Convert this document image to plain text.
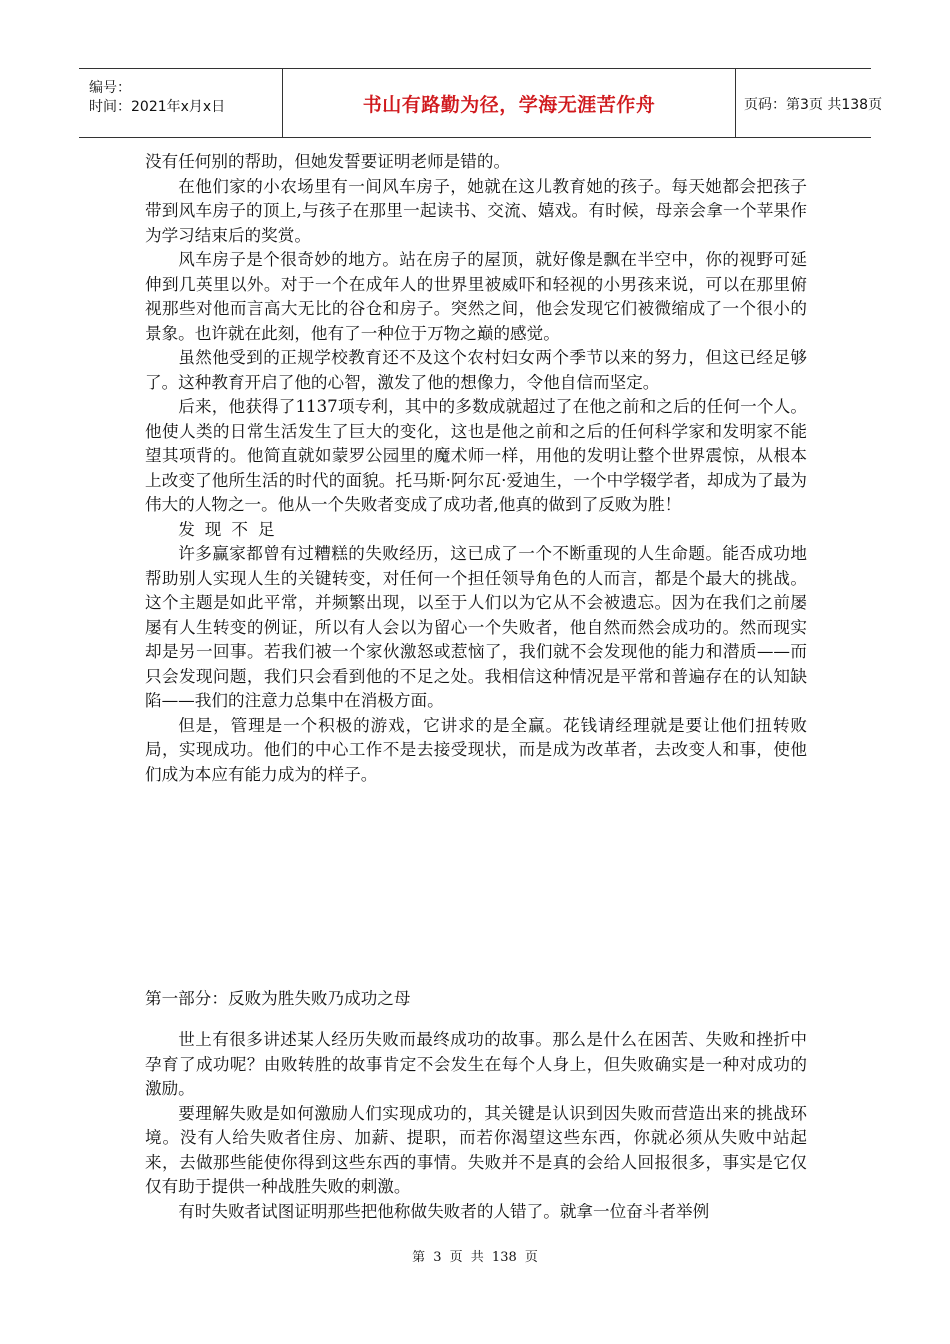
编号：
时间：2021年x月x日	书山有路勤为径，学海无涯苦作舟	页码：第3页 共138页

没有任何别的帮助，但她发誓要证明老师是错的。

在他们家的小农场里有一间风车房子，她就在这儿教育她的孩子。每天她都会把孩子带到风车房子的顶上,与孩子在那里一起读书、交流、嬉戏。有时候，母亲会拿一个苹果作为学习结束后的奖赏。

风车房子是个很奇妙的地方。站在房子的屋顶，就好像是飘在半空中，你的视野可延伸到几英里以外。对于一个在成年人的世界里被威吓和轻视的小男孩来说，可以在那里俯视那些对他而言高大无比的谷仓和房子。突然之间，他会发现它们被微缩成了一个很小的景象。也许就在此刻，他有了一种位于万物之巅的感觉。

虽然他受到的正规学校教育还不及这个农村妇女两个季节以来的努力，但这已经足够了。这种教育开启了他的心智，激发了他的想像力，令他自信而坚定。

后来，他获得了1137项专利，其中的多数成就超过了在他之前和之后的任何一个人。他使人类的日常生活发生了巨大的变化，这也是他之前和之后的任何科学家和发明家不能望其项背的。他简直就如蒙罗公园里的魔术师一样，用他的发明让整个世界震惊，从根本上改变了他所生活的时代的面貌。托马斯·阿尔瓦·爱迪生，一个中学辍学者，却成为了最为伟大的人物之一。他从一个失败者变成了成功者,他真的做到了反败为胜！

发现不足

许多赢家都曾有过糟糕的失败经历，这已成了一个不断重现的人生命题。能否成功地帮助别人实现人生的关键转变，对任何一个担任领导角色的人而言，都是个最大的挑战。这个主题是如此平常，并频繁出现，以至于人们以为它从不会被遗忘。因为在我们之前屡屡有人生转变的例证，所以有人会以为留心一个失败者，他自然而然会成功的。然而现实却是另一回事。若我们被一个家伙激怒或惹恼了，我们就不会发现他的能力和潜质——而只会发现问题，我们只会看到他的不足之处。我相信这种情况是平常和普遍存在的认知缺陷——我们的注意力总集中在消极方面。

但是，管理是一个积极的游戏，它讲求的是全赢。花钱请经理就是要让他们扭转败局，实现成功。他们的中心工作不是去接受现状，而是成为改革者，去改变人和事，使他们成为本应有能力成为的样子。

第一部分：反败为胜失败乃成功之母

世上有很多讲述某人经历失败而最终成功的故事。那么是什么在困苦、失败和挫折中孕育了成功呢？由败转胜的故事肯定不会发生在每个人身上，但失败确实是一种对成功的激励。

要理解失败是如何激励人们实现成功的，其关键是认识到因失败而营造出来的挑战环境。没有人给失败者住房、加薪、提职，而若你渴望这些东西，你就必须从失败中站起来，去做那些能使你得到这些东西的事情。失败并不是真的会给人回报很多，事实是它仅仅有助于提供一种战胜失败的刺激。

有时失败者试图证明那些把他称做失败者的人错了。就拿一位奋斗者举例

第 3 页 共 138 页
